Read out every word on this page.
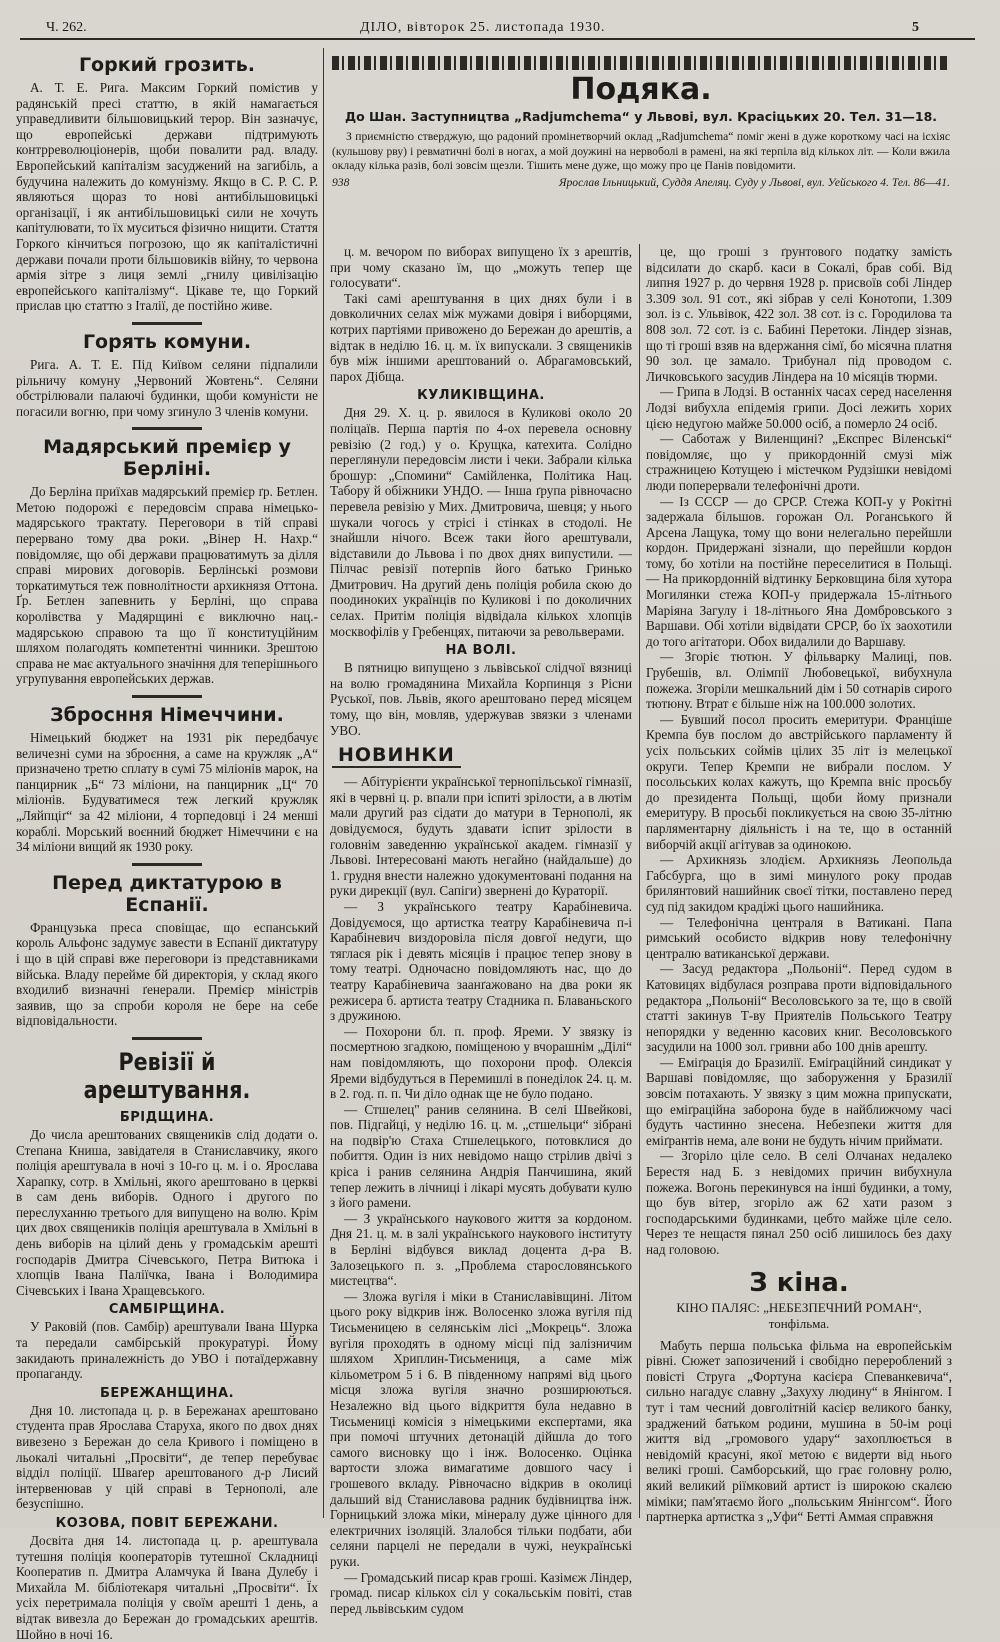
Ч. 262.	ДІЛО, вівторок 25. листопада 1930.	5
Горкий грозить.

А. Т. Е. Рига. Максим Горкий помістив у радянській пресі статтю, в якій намагається управедливити більшовицький терор. Він зазначує, що европейські держави підтримують контрреволюціонерів, щоби повалити рад. владу. Европейський капіталізм засуджений на загибіль, а будучина належить до комунізму. Якщо в С. Р. С. Р. являються щораз то нові антибільшовицькі організації, і як антибільшовицькі сили не хочуть капітулювати, то їх муситься фізично нищити. Стаття Горкого кінчиться погрозою, що як капіталістичні держави почали проти більшовиків війну, то червона армія зітре з лиця землі „гнилу цивілізацію европейського капіталізму“. Цікаве те, що Горкий прислав цю статтю з Італії, де постійно живе.

Горять комуни.

Рига. А. Т. Е. Під Київом селяни підпалили рільничу комуну „Червоний Жовтень“. Селяни обстрілювали палаючі будинки, щоби комуністи не погасили вогню, при чому згинуло 3 членів комуни.

Мадярський премієр у Берліні.

До Берліна приїхав мадярський премієр ґр. Бетлен. Метою подорожі є передовсім справа німецько-мадярського трактату. Переговори в тій справі перервано тому два роки. „Вінер Н. Нахр.“ повідомляє, що обі держави працюватимуть за ділля справі мирових договорів. Берлінські розмови торкатимуться теж повнолітности архикнязя Оттона. Ґр. Бетлен запевнить у Берліні, що справа королівства у Мадярщині є виключно нац.-мадярською справою та що її конституційним шляхом полагодять компетентні чинники. Зрештою справа не має актуального значіння для теперішнього угрупування европейських держав.

Збросння Німеччини.

Німецький бюджет на 1931 рік передбачує величезні суми на зброєння, а саме на кружляк „А“ призначено третю сплату в сумі 75 міліонів марок, на панцирник „Б“ 73 міліони, на панцирник „Ц“ 70 міліонів. Будуватимеся теж легкий кружляк „Ляйпціґ“ за 42 міліони, 4 торпедовці і 24 менші кораблі. Морський воєнний бюджет Німеччини є на 34 міліони вищий як 1930 року.

Перед диктатурою в Еспанії.

Французька преса сповіщає, що еспанський король Альфонс задумує завести в Еспанії диктатуру і що в цій справі вже переговори із представниками війська. Владу перейме бй директорія, у склад якого входилиб визначні ґенерали. Премієр міністрів заявив, що за спроби короля не бере на себе відповідальности.

Ревізії й арештування.
БРІДЩИНА.

До числа арештованих священиків слід додати о. Степана Книша, завідателя в Станиславчику, якого поліція арештувала в ночі з 10-го ц. м. і о. Ярослава Харапку, сотр. в Хмільні, якого арештовано в церкві в сам день виборів. Одного і другого по переслуханню третього для випущено на волю. Крім цих двох священиків поліція арештувала в Хмільні в день виборів на цілий день у громадськім арешті господарів Дмитра Січевського, Петра Витюка і хлопців Івана Паліїчка, Івана і Володимира Січевських і Івана Хращевського.

САМБІРЩИНА.

У Раковій (пов. Самбір) арештували Івана Шурка та передали самбірській прокуратурі. Йому закидають приналежність до УВО і потаїдержавну пропаганду.

БЕРЕЖАНЩИНА.

Дня 10. листопада ц. р. в Бережанах арештовано студента прав Ярослава Старуха, якого по двох днях вивезено з Бережан до села Кривого і поміщено в льокалі читальні „Просвіти“, де тепер перебуває відділ поліції. Шваґер арештованого д-р Лисий інтервенював у цій справі в Тернополі, але безуспішно.

КОЗОВА, ПОВІТ БЕРЕЖАНИ.

Досвіта дня 14. листопада ц. р. арештувала тутешня поліція кооператорів тутешної Складниці Кооператив п. Дмитра Аламчука й Івана Дулебу і Михайла М. бібліотекаря читальні „Просвіти“. Їх усіх перетримала поліція у своїм арешті 1 день, а відтак вивезла до Бережан до громадських арештів. Шойно в ночі 16.

Подяка.
До Шан. Заступництва „Radjumchema“ у Львові, вул. Красіцьких 20. Тел. 31—18.

З приємністю стверджую, що радоний промінетворчий оклад „Radjumchema“ поміг жені в дуже короткому часі на ісхіяс (кульшову рву) і ревматичні болі в ногах, а мой доужині на нервоболі в рамені, на які терпіла від кількох літ. — Коли вжила окладу кілька разів, болі зовсім щезли. Тішить мене дуже, що можу про це Панів повідомити.

938	Ярослав Ільницький, Суддя Апеляц. Суду у Львові, вул. Уейського 4. Тел. 86—41.

ц. м. вечором по виборах випущено їх з арештів, при чому сказано їм, що „можуть тепер ще голосувати“.

Такі самі арештування в цих днях були і в довколичних селах між мужами довіря і виборцями, котрих партіями привожено до Бережан до арештів, а відтак в неділю 16. ц. м. їх випускали. З священиків був між іншими арештований о. Абрагамовський, парох Дібща.

КУЛИКІВЩИНА.

Дня 29. Х. ц. р. явилося в Куликові около 20 поліцаїв. Перша партія по 4-ох перевела основну ревізію (2 год.) у о. Крущка, катехита. Солідно переглянули передовсім листи і чеки. Забрали кількa брошур: „Спомини“ Самійленка, Політика Нац. Табору й обіжники УНДО. — Інша ґрупа рівночасно перевела ревізію у Мих. Дмитровича, шевця; у нього шукали чогось у стрісі і стінках в стодолі. Не знайшли нічого. Всеж таки його арештували, відставили до Львова і по двох днях випустили. — Пілчас ревізії потерпів його батько Гринько Дмитрович. На другий день поліція робила скою до поодиноких українців по Куликові і по доколичних селах. Притім поліція відвідала кількох хлопців москвофілів у Гребенцях, питаючи за револьверами.

НА ВОЛІ.

В пятницю випущено з львівської слідчої вязниці на волю громадянина Михайла Корпинця з Рісни Руської, пов. Львів, якого арештовано перед місяцем тому, що він, мовляв, удержував звязки з членами УВО.

НОВИНКИ

— Абітурієнти української тернопільської гімназії, які в червні ц. р. впали при іспиті зрілости, а в лютім мали другий раз сідати до матури в Тернополі, як довідуємося, будуть здавати іспит зрілости в головнім заведенню української академ. гімназії у Львові. Інтересовані мають негайно (найдальше) до 1. грудня внести належно удокументовані подання на руки дирекції (вул. Сапіги) звернені до Кураторії.

— З українського театру Карабіневича. Довідуємося, що артистка театру Карабіневича п-і Карабіневич виздоровіла після довгої недуги, що тяглася рік і девять місяців і працює тепер знову в тому театрі. Одночасно повідомляють нас, що до театру Карабіневича заанґажовано на два роки як режисера б. артиста театру Стадника п. Блаваньского з дружиною.

— Похорони бл. п. проф. Яреми. У звязку із посмертною згадкою, поміщеною у вчорашнім „Ділі“ нам повідомляють, що похорони проф. Олексія Яреми відбудуться в Перемишлі в понеділок 24. ц. м. в 2. год. п. п. Чи діло однак ще не було подано.

— Стшелец" ранив селянина. В селі Швейкові, пов. Підгайці, у неділю 16. ц. м. „стшельци“ зібрані на подвір'ю Стаха Стшелецького, потовклися до побиття. Один із них невідомо нащо стрілив двічі з кріса і ранив селянина Андрія Панчишина, який тепер лежить в лічниці і лікарі мусять добувати кулю з його рамени.

— З українського наукового життя за кордоном. Дня 21. ц. м. в залі українського наукового інституту в Берліні відбувся виклад доцента д-ра В. Залозецького п. з. „Проблема старословянського мистецтва“.

— Зложа вугіля і міки в Станиславівщині. Літом цього року відкрив інж. Волосенко зложа вугіля під Тисьменицею в селянськім лісі „Мокрець“. Зложа вугіля проходять в одному місці під залізничим шляхом Хриплин-Тисьмениця, а саме між кільометром 5 і 6. В південному напрямі від цього місця зложа вугіля значно розширюються. Незалежно від цього відкриття була недавно в Тисьмениці комісія з німецькими експертами, яка при помочі штучних детонацій дійшла до того самого висновку що і інж. Волосенко. Оцінка вартости зложа вимагатиме довшого часу і грошевого вкладу. Рівночасно відкрив в околиці дальший від Станиславова радник будівництва інж. Горницький зложа міки, мінералу дуже цінного для електричних ізоляцій. Злалобся тільки подбати, аби селяни парцелі не передали в чужі, неукраїнські руки.

— Громадський писар крав гроші. Казімєж Ліндер, громад. писар кількох сіл у сокальськім повіті, став перед львівським судом

це, що гроші з ґрунтового податку замість відсилати до скарб. каси в Сокалі, брав собі. Від липня 1927 р. до червня 1928 р. присвоїв собі Ліндер 3.309 зол. 91 сот., які зібрав у селі Конотопи, 1.309 зол. із с. Ульвівок, 422 зол. 38 сот. із с. Городилова та 808 зол. 72 сот. із с. Бабині Перетоки. Ліндер зізнав, що ті гроші взяв на вдержання сімї, бо місячна платня 90 зол. це замало. Трибунал під проводом с. Личковського засудив Ліндера на 10 місяців тюрми.

— Грипа в Лодзі. В останніх часах серед населення Лодзі вибухла епідемія грипи. Досі лежить хорих цією недугою майже 50.000 осіб, а померло 24 осіб.

— Саботаж у Виленщині? „Експрес Віленські“ повідомляє, що у прикордонній смузі між стражницею Котущею і містечком Рудзішки невідомі люди поперервали телефонічні дроти.

— Із СССР — до СРСР. Стежа КОП-у у Рокітні задержала більшов. горожан Ол. Роганського й Арсена Лащука, тому що вони нелегально перейшли кордон. Придержані зізнали, що перейшли кордон тому, бо хотіли на постійне переселитися в Польщі. — На прикордонній відтинку Берковщина біля хутора Могилянки стежа КОП-у придержала 15-літнього Маріяна Загулу і 18-літнього Яна Домбровського з Варшави. Обі хотіли відвідати СРСР, бо їх заохотили до того агітатори. Обох видалили до Варшаву.

— Згоріє тютюн. У фільварку Малиці, пов. Грубешів, вл. Олімпії Любовецької, вибухнула пожежа. Згоріли мешкальний дім і 50 сотнарів сирого тютюну. Втрат є більше ніж на 100.000 золотих.

— Бувший посол просить емеритури. Франціше Кремпа був послом до австрійського парламенту й усіх польських соймів цілих 35 літ із мелецької округи. Тепер Кремпи не вибрали послом. У посольських колах кажуть, що Кремпа вніс просьбу до президента Польщі, щоби йому признали емеритуру. В просьбі покликується на свою 35-літню парляментарну діяльність і на те, що в останній виборчій акції агітував за одинокою.

— Архикнязь злодієм. Архикнязь Леопольда Габсбурга, що в зимі минулого року продав брилянтовий нашийник своєї тітки, поставлено перед суд під закидом крадіжі цього нашийника.

— Телефонічна централя в Ватикані. Папа римський особисто відкрив нову телефонічну централю ватиканської держави.

— Засуд редактора „Польоніі“. Перед судом в Катовицях відбулася розправа проти відповідального редактора „Польоніі“ Весоловського за те, що в своїй статті закинув Т-ву Приятелів Польського Театру непорядки у веденню касових книг. Весоловського засудили на 1000 зол. гривни або 100 днів арешту.

— Еміґрація до Бразилії. Еміґраційний синдикат у Варшаві повідомляє, що заборуження у Бразилії зовсім потахають. У звязку з цим можна припускати, що еміґраційна заборона буде в найближчому часі будуть частинно знесена. Небезпеки життя для еміґрантів нема, але вони не будуть нічим приймати.

— Згоріло ціле село. В селі Олчанах недалеко Берестя над Б. з невідомих причин вибухнула пожежа. Вогонь перекинувся на інші будинки, а тому, що був вітер, згоріло аж 62 хати разом з господарськими будинками, цебто майже ціле село. Через те нещастя пянал 250 осіб лишилось без даху над головою.

З кіна.
КІНО ПАЛЯС: „НЕБЕЗПЕЧНИЙ РОМАН“, тонфільма.

Мабуть перша польська фільма на европейськім рівні. Сюжет запозичений і свобідно перероблений з повісті Струга „Фортуна касієра Спеванкевича“, сильно нагадує славну „Захуху людину“ в Янінгом. І тут і там чесний довголітній касієр великого банку, зраджений батьком родини, мушина в 50-ім році життя від „громового удару“ захоплюється в невідомій красуні, якої метою є видерти від нього великі гроші. Самборський, що грає головну ролю, який великий ріїмковий артист із широкою скалєю міміки; пам'ятаємо його „польським Янінгсом“. Його партнерка артистка з „Уфи“ Бетті Аммая справжня
